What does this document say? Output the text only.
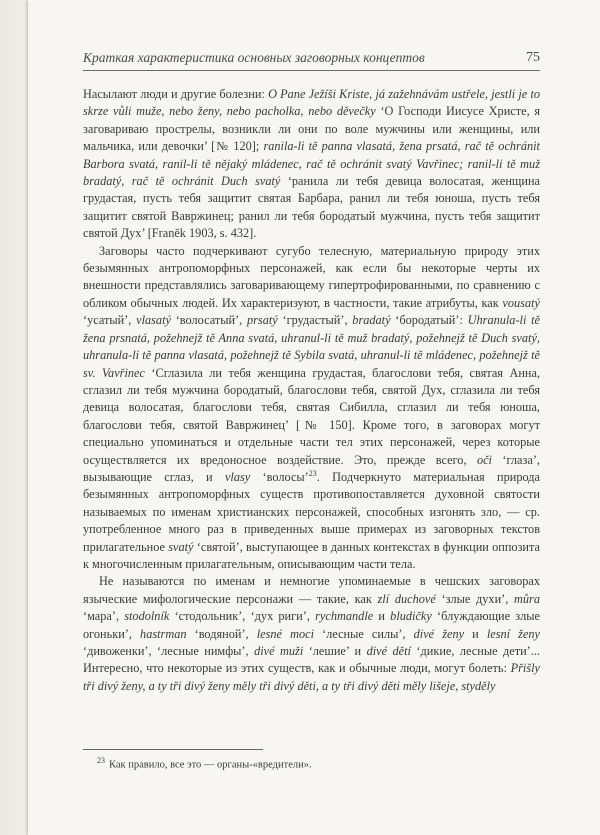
Краткая характеристика основных заговорных концептов	75

Насылают люди и другие болезни: O Pane Ježíši Kriste, já zažehnávám ustřele, jestli je to skrze vůli muže, nebo ženy, nebo pacholka, nebo děvečky ‘О Господи Иисусе Христе, я заговариваю прострелы, возникли ли они по воле мужчины или женщины, или мальчика, или девочки’ [№ 120]; ranila-li tě panna vlasatá, žena prsatá, rač tě ochránit Barbora svatá, ranil-li tě nějaký mládenec, rač tě ochránit svatý Vavřinec; ranil-li tě muž bradatý, rač tě ochránit Duch svatý ‘ранила ли тебя девица волосатая, женщина грудастая, пусть тебя защитит святая Барбара, ранил ли тебя юноша, пусть тебя защитит святой Вавржинец; ранил ли тебя бородатый мужчина, пусть тебя защитит святой Дух’ [Franěk 1903, s. 432].

Заговоры часто подчеркивают сугубо телесную, материальную природу этих безымянных антропоморфных персонажей, как если бы некоторые черты их внешности представлялись заговаривающему гипертрофированными, по сравнению с обликом обычных людей. Их характеризуют, в частности, такие атрибуты, как vousatý ‘усатый’, vlasatý ‘волосатый’, prsatý ‘грудастый’, bradatý ‘бородатый’: Uhranula-li tě žena prsnatá, požehnejž tě Anna svatá, uhranul-li tě muž bradatý, požehnejž tě Duch svatý, uhranula-li tě panna vlasatá, požehnejž tě Sybila svatá, uhranul-li tě mládenec, požehnejž tě sv. Vavřinec ‘Сглазила ли тебя женщина грудастая, благослови тебя, святая Анна, сглазил ли тебя мужчина бородатый, благослови тебя, святой Дух, сглазила ли тебя девица волосатая, благослови тебя, святая Сибилла, сглазил ли тебя юноша, благослови тебя, святой Вавржинец’ [№ 150]. Кроме того, в заговорах могут специально упоминаться и отдельные части тел этих персонажей, через которые осуществляется их вредоносное воздействие. Это, прежде всего, oči ‘глаза’, вызывающие сглаз, и vlasy ‘волосы’$^{23}$. Подчеркнуто материальная природа безымянных антропоморфных существ противопоставляется духовной святости называемых по именам христианских персонажей, способных изгонять зло, — ср. употребленное много раз в приведенных выше примерах из заговорных текстов прилагательное svatý ‘святой’, выступающее в данных контекстах в функции оппозита к многочисленным прилагательным, описывающим части тела.

Не называются по именам и немногие упоминаемые в чешских заговорах языческие мифологические персонажи — такие, как zlí duchové ‘злые духи’, můra ‘мара’, stodolník ‘стодольник’, ‘дух риги’, rychmandle и bludičky ‘блуждающие злые огоньки’, hastrman ‘водяной’, lesné moci ‘лесные силы’, divé ženy и lesní ženy ‘дивоженки’, ‘лесные нимфы’, divé muži ‘лешие’ и divé dětí ‘дикие, лесные дети’... Интересно, что некоторые из этих существ, как и обычные люди, могут болеть: Přišly tři divý ženy, a ty tři divý ženy měly tři divý děti, a ty tři divý děti měly lišeje, styděly

$^{23}$ Как правило, все это — органы-«вредители».
